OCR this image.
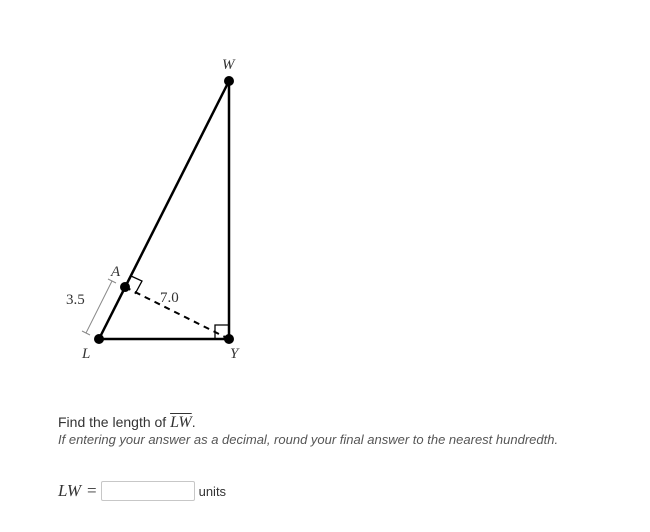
W
A
L	Y
3.5	7.0
Find the length of $\overline{LW}$.
If entering your answer as a decimal, round your final answer to the nearest hundredth.
LW =	units
